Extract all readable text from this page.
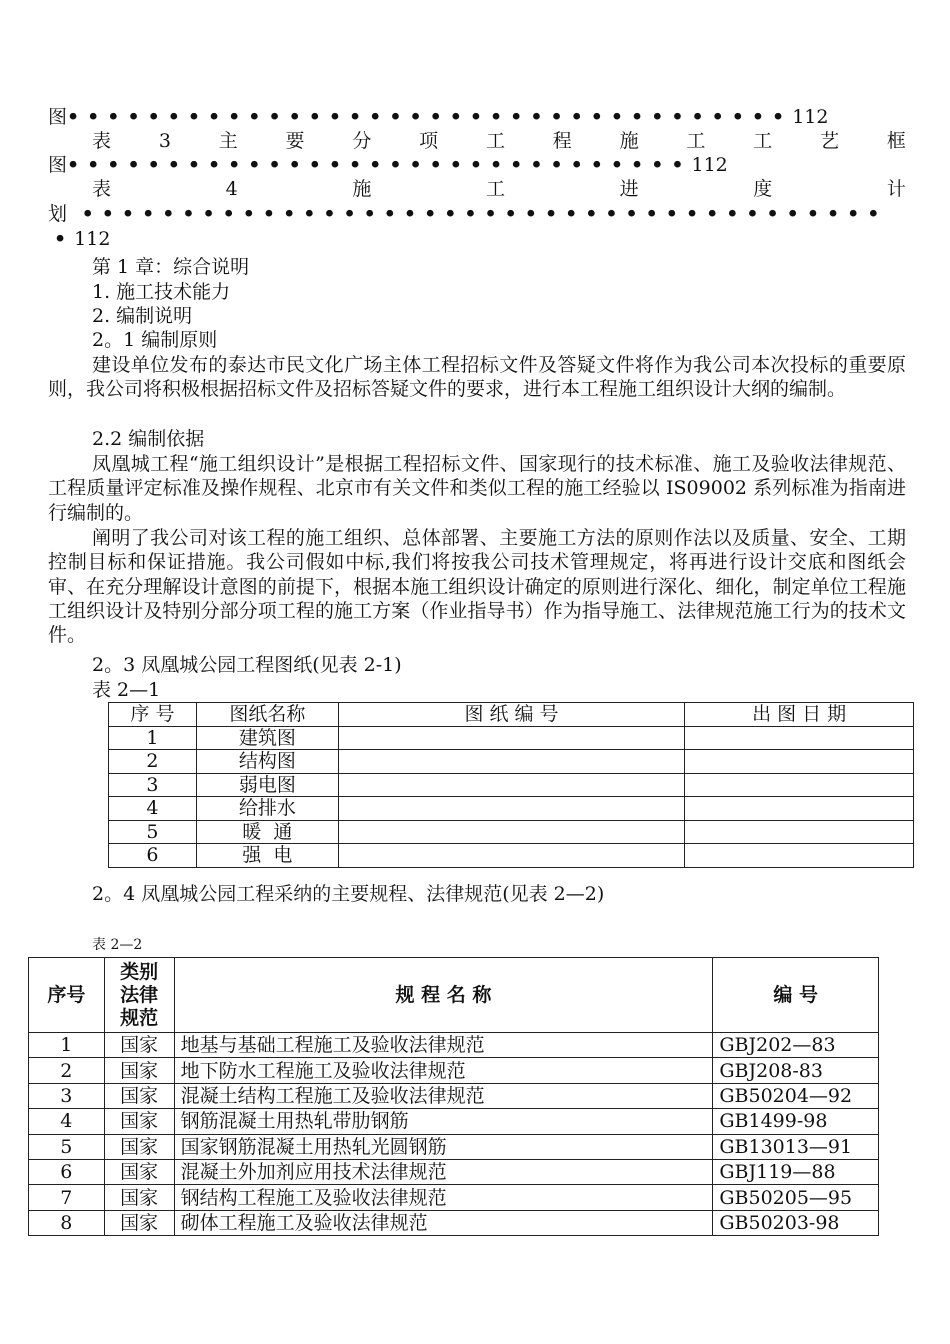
图••••••••••••••••••••••••••••••••••••112
表	3	主	要	分	项	工	程	施	工	工	艺	框
图•••••••••••••••••••••••••••••••112
表	4	施	工	进	度	计
划 ••••••••••••••••••••••••••••••••••••••••
•112
第 1 章：综合说明
1. 施工技术能力
2. 编制说明
2。1 编制原则
建设单位发布的泰达市民文化广场主体工程招标文件及答疑文件将作为我公司本次投标的重要原则，我公司将积极根据招标文件及招标答疑文件的要求，进行本工程施工组织设计大纲的编制。
2.2 编制依据
凤凰城工程“施工组织设计”是根据工程招标文件、国家现行的技术标准、施工及验收法律规范、工程质量评定标准及操作规程、北京市有关文件和类似工程的施工经验以 IS09002 系列标准为指南进行编制的。
阐明了我公司对该工程的施工组织、总体部署、主要施工方法的原则作法以及质量、安全、工期控制目标和保证措施。我公司假如中标,我们将按我公司技术管理规定，将再进行设计交底和图纸会审、在充分理解设计意图的前提下，根据本施工组织设计确定的原则进行深化、细化，制定单位工程施工组织设计及特别分部分项工程的施工方案（作业指导书）作为指导施工、法律规范施工行为的技术文件。
2。3 凤凰城公园工程图纸(见表 2-1)
表 2—1
序 号	图纸名称	图 纸 编 号	出 图 日 期
1	建筑图		
2	结构图		
3	弱电图		
4	给排水		
5	暖  通		
6	强  电		
2。4 凤凰城公园工程采纳的主要规程、法律规范(见表 2—2)
表 2—2
序号	类别法律规范	规 程 名 称	编 号
1	国家	地基与基础工程施工及验收法律规范	GBJ202—83
2	国家	地下防水工程施工及验收法律规范	GBJ208-83
3	国家	混凝土结构工程施工及验收法律规范	GB50204—92
4	国家	钢筋混凝土用热轧带肋钢筋	GB1499-98
5	国家	国家钢筋混凝土用热轧光圆钢筋	GB13013—91
6	国家	混凝土外加剂应用技术法律规范	GBJ119—88
7	国家	钢结构工程施工及验收法律规范	GB50205—95
8	国家	砌体工程施工及验收法律规范	GB50203-98
